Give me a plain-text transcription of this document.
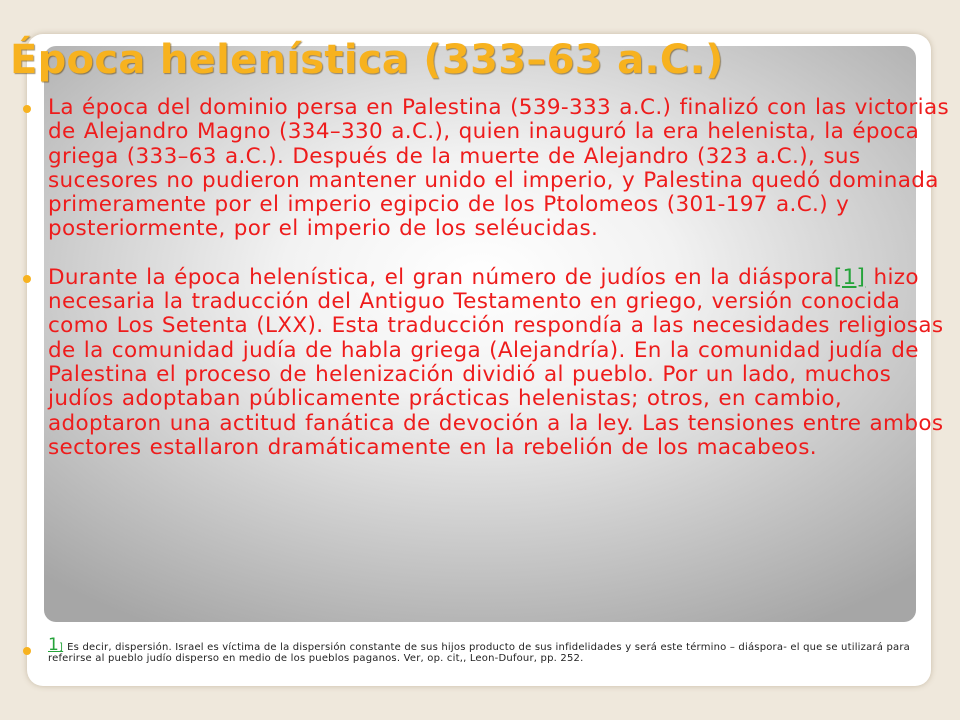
Época helenística (333–63 a.C.)
La época del dominio persa en Palestina (539-333 a.C.) finalizó con las victorias de Alejandro Magno (334–330 a.C.), quien inauguró la era helenista, la época griega (333–63 a.C.). Después de la muerte de Alejandro (323 a.C.), sus sucesores no pudieron mantener unido el imperio, y Palestina quedó dominada primeramente por el imperio egipcio de los Ptolomeos (301-197 a.C.) y posteriormente, por el imperio de los seléucidas.
Durante la época helenística, el gran número de judíos en la diáspora[1] hizo necesaria la traducción del Antiguo Testamento en griego, versión conocida como Los Setenta (LXX). Esta traducción respondía a las necesidades religiosas de la comunidad judía de habla griega (Alejandría). En la comunidad judía de Palestina el proceso de helenización dividió al pueblo. Por un lado, muchos judíos adoptaban públicamente prácticas helenistas; otros, en cambio, adoptaron una actitud fanática de devoción a la ley. Las tensiones entre ambos sectores estallaron dramáticamente en la rebelión de los macabeos.
1] Es decir, dispersión. Israel es víctima de la dispersión constante de sus hijos producto de sus infidelidades y será este término – diáspora- el que se utilizará para referirse al pueblo judío disperso en medio de los pueblos paganos. Ver, op. cit,, Leon-Dufour, pp. 252.
